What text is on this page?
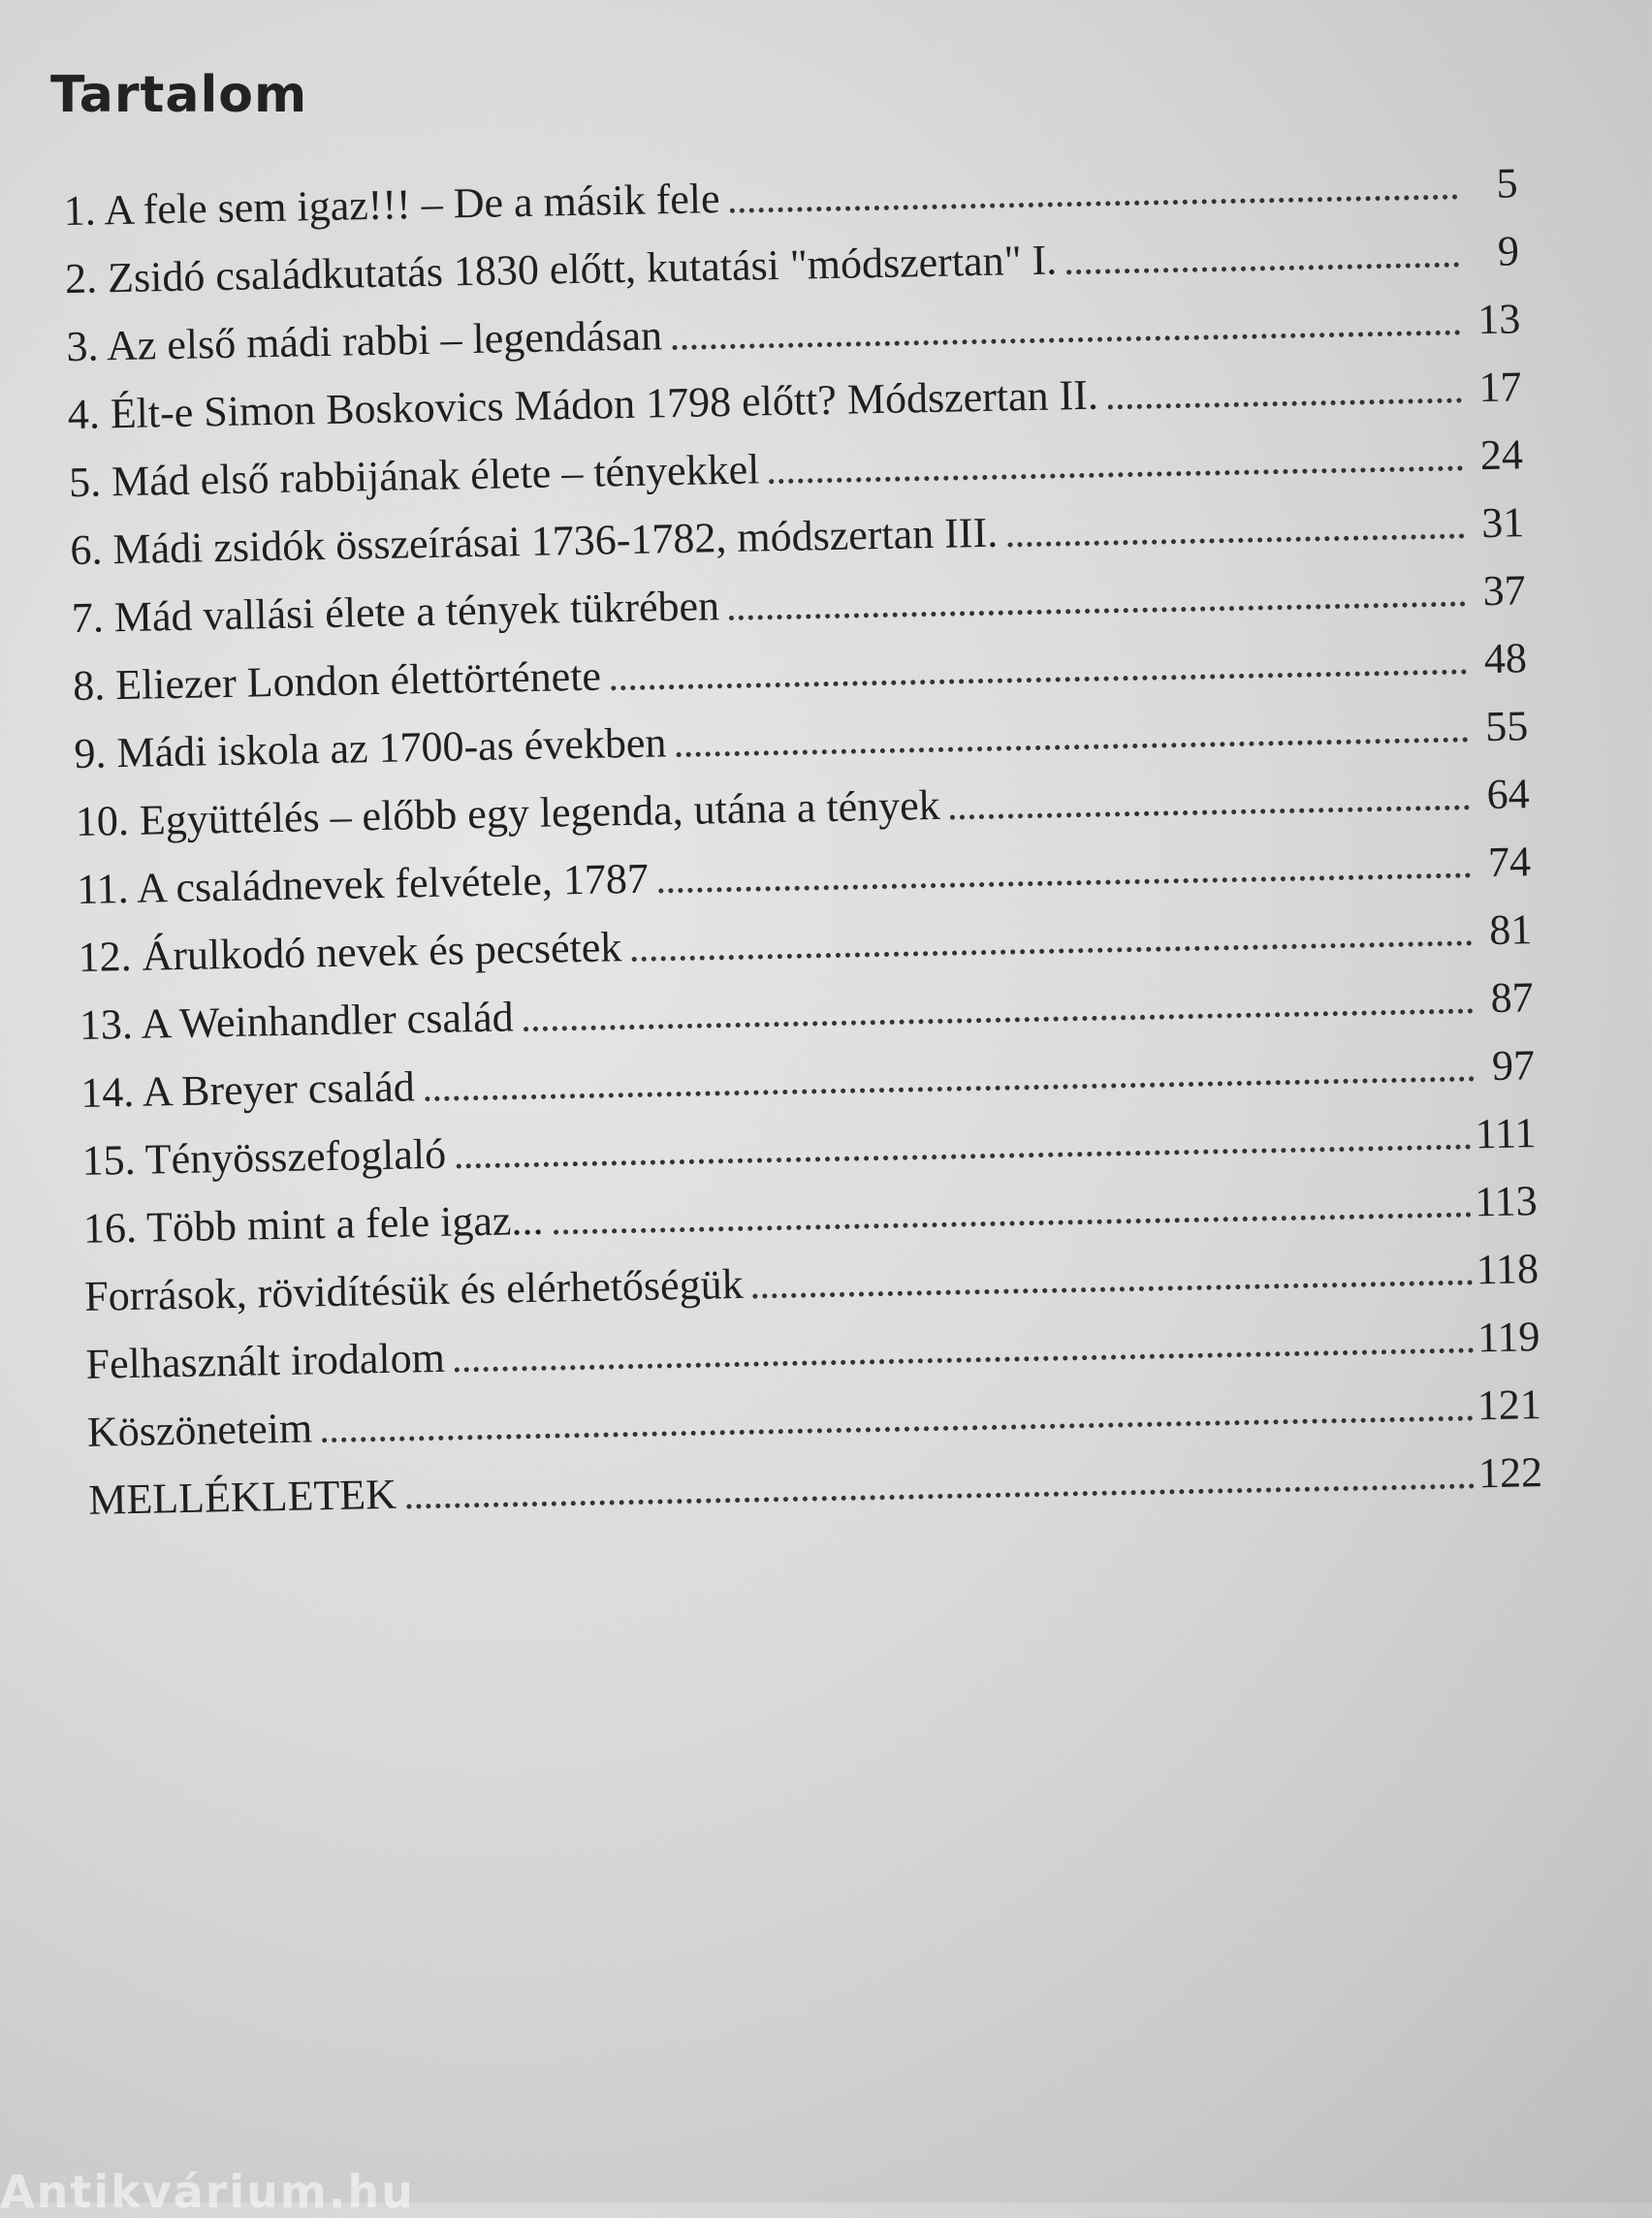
Tartalom
1. A fele sem igaz!!! – De a másik fele	5
2. Zsidó családkutatás 1830 előtt, kutatási "módszertan" I.	9
3. Az első mádi rabbi – legendásan	13
4. Élt-e Simon Boskovics Mádon 1798 előtt? Módszertan II.	17
5. Mád első rabbijának élete – tényekkel	24
6. Mádi zsidók összeírásai 1736-1782, módszertan III.	31
7. Mád vallási élete a tények tükrében	37
8. Eliezer London élettörténete	48
9. Mádi iskola az 1700-as években	55
10. Együttélés – előbb egy legenda, utána a tények	64
11. A családnevek felvétele, 1787	74
12. Árulkodó nevek és pecsétek	81
13. A Weinhandler család	87
14. A Breyer család	97
15. Tényösszefoglaló	111
16. Több mint a fele igaz...	113
Források, rövidítésük és elérhetőségük	118
Felhasznált irodalom	119
Köszöneteim	121
MELLÉKLETEK	122
Antikvárium.hu
